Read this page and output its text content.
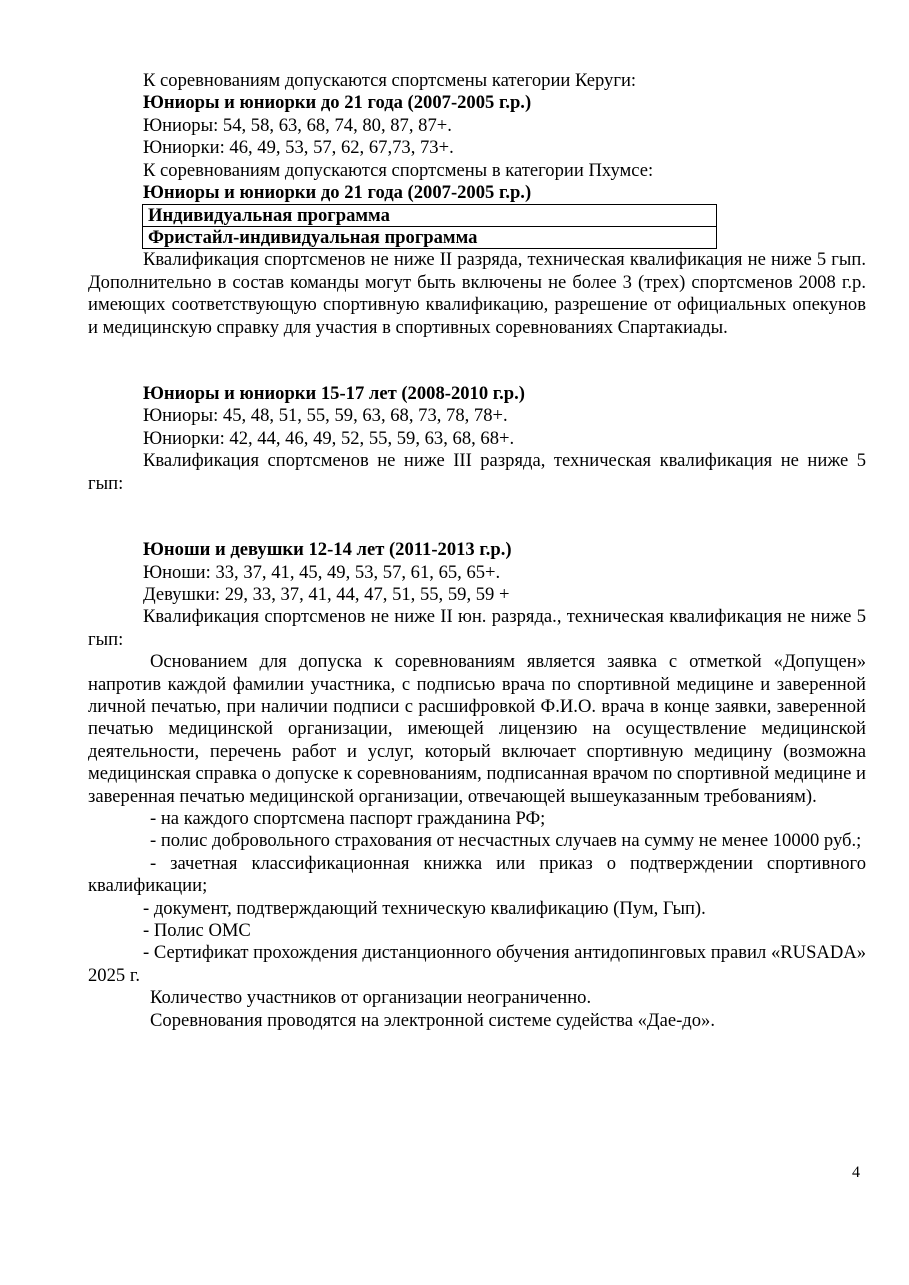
К соревнованиям допускаются спортсмены категории Керуги:

Юниоры и юниорки до 21 года (2007-2005 г.р.)

Юниоры: 54, 58, 63, 68, 74, 80, 87, 87+.

Юниорки: 46, 49, 53, 57, 62, 67,73, 73+.

К соревнованиям допускаются спортсмены в категории Пхумсе:

Юниоры и юниорки до 21 года (2007-2005 г.р.)

Индивидуальная программа
Фристайл-индивидуальная программа

Квалификация спортсменов не ниже II разряда, техническая квалификация не ниже 5 гып. Дополнительно в состав команды могут быть включены не более 3 (трех) спортсменов 2008 г.р. имеющих соответствующую спортивную квалификацию, разрешение от официальных опекунов и медицинскую справку для участия в спортивных соревнованиях Спартакиады.

Юниоры и юниорки 15-17 лет (2008-2010 г.р.)

Юниоры: 45, 48, 51, 55, 59, 63, 68, 73, 78, 78+.

Юниорки: 42, 44, 46, 49, 52, 55, 59, 63, 68, 68+.

Квалификация спортсменов не ниже III разряда, техническая квалификация не ниже 5 гып:

Юноши и девушки 12-14 лет (2011-2013 г.р.)

Юноши: 33, 37, 41, 45, 49, 53, 57, 61, 65, 65+.

Девушки: 29, 33, 37, 41, 44, 47, 51, 55, 59, 59 +

Квалификация спортсменов не ниже II юн. разряда., техническая квалификация не ниже 5 гып:

Основанием для допуска к соревнованиям является заявка с отметкой «Допущен» напротив каждой фамилии участника, с подписью врача по спортивной медицине и заверенной личной печатью, при наличии подписи с расшифровкой Ф.И.О. врача в конце заявки, заверенной печатью медицинской организации, имеющей лицензию на осуществление медицинской деятельности, перечень работ и услуг, который включает спортивную медицину (возможна медицинская справка о допуске к соревнованиям, подписанная врачом по спортивной медицине и заверенная печатью медицинской организации, отвечающей вышеуказанным требованиям).

- на каждого спортсмена паспорт гражданина РФ;

- полис добровольного страхования от несчастных случаев на сумму не менее 10000 руб.;

- зачетная классификационная книжка или приказ о подтверждении спортивного квалификации;

- документ, подтверждающий техническую квалификацию (Пум, Гып).

- Полис ОМС

- Сертификат прохождения дистанционного обучения антидопинговых правил «RUSADA» 2025 г.

Количество участников от организации неограниченно.

Соревнования проводятся на электронной системе судейства «Дае-до».

4
